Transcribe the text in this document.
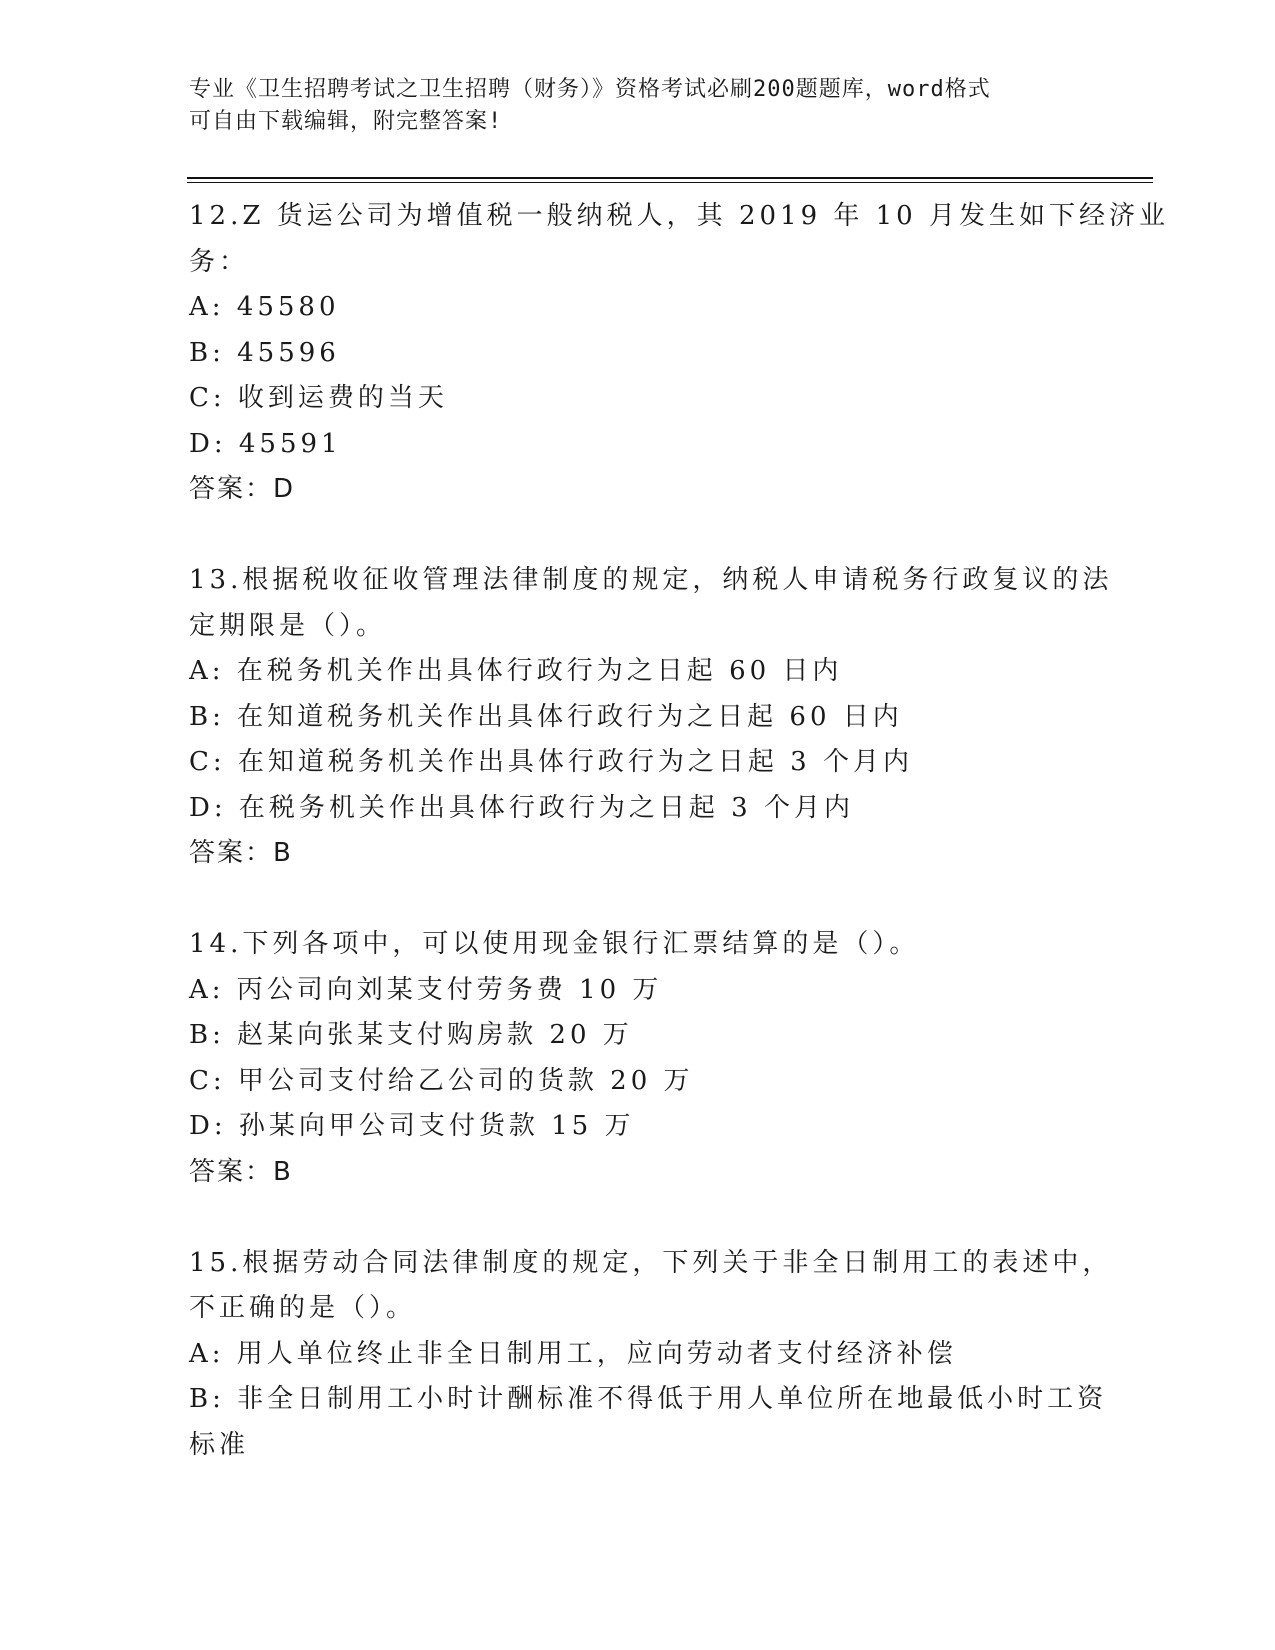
专业《卫生招聘考试之卫生招聘（财务）》资格考试必刷200题题库，word格式
可自由下载编辑，附完整答案!
12.Z 货运公司为增值税一般纳税人，其 2019 年 10 月发生如下经济业
务：
A: 45580
B: 45596
C: 收到运费的当天
D: 45591
答案：D
13.根据税收征收管理法律制度的规定，纳税人申请税务行政复议的法
定期限是（）。
A: 在税务机关作出具体行政行为之日起 60 日内
B: 在知道税务机关作出具体行政行为之日起 60 日内
C: 在知道税务机关作出具体行政行为之日起 3 个月内
D: 在税务机关作出具体行政行为之日起 3 个月内
答案：B
14.下列各项中，可以使用现金银行汇票结算的是（）。
A: 丙公司向刘某支付劳务费 10 万
B: 赵某向张某支付购房款 20 万
C: 甲公司支付给乙公司的货款 20 万
D: 孙某向甲公司支付货款 15 万
答案：B
15.根据劳动合同法律制度的规定，下列关于非全日制用工的表述中，
不正确的是（）。
A: 用人单位终止非全日制用工，应向劳动者支付经济补偿
B: 非全日制用工小时计酬标准不得低于用人单位所在地最低小时工资
标准
